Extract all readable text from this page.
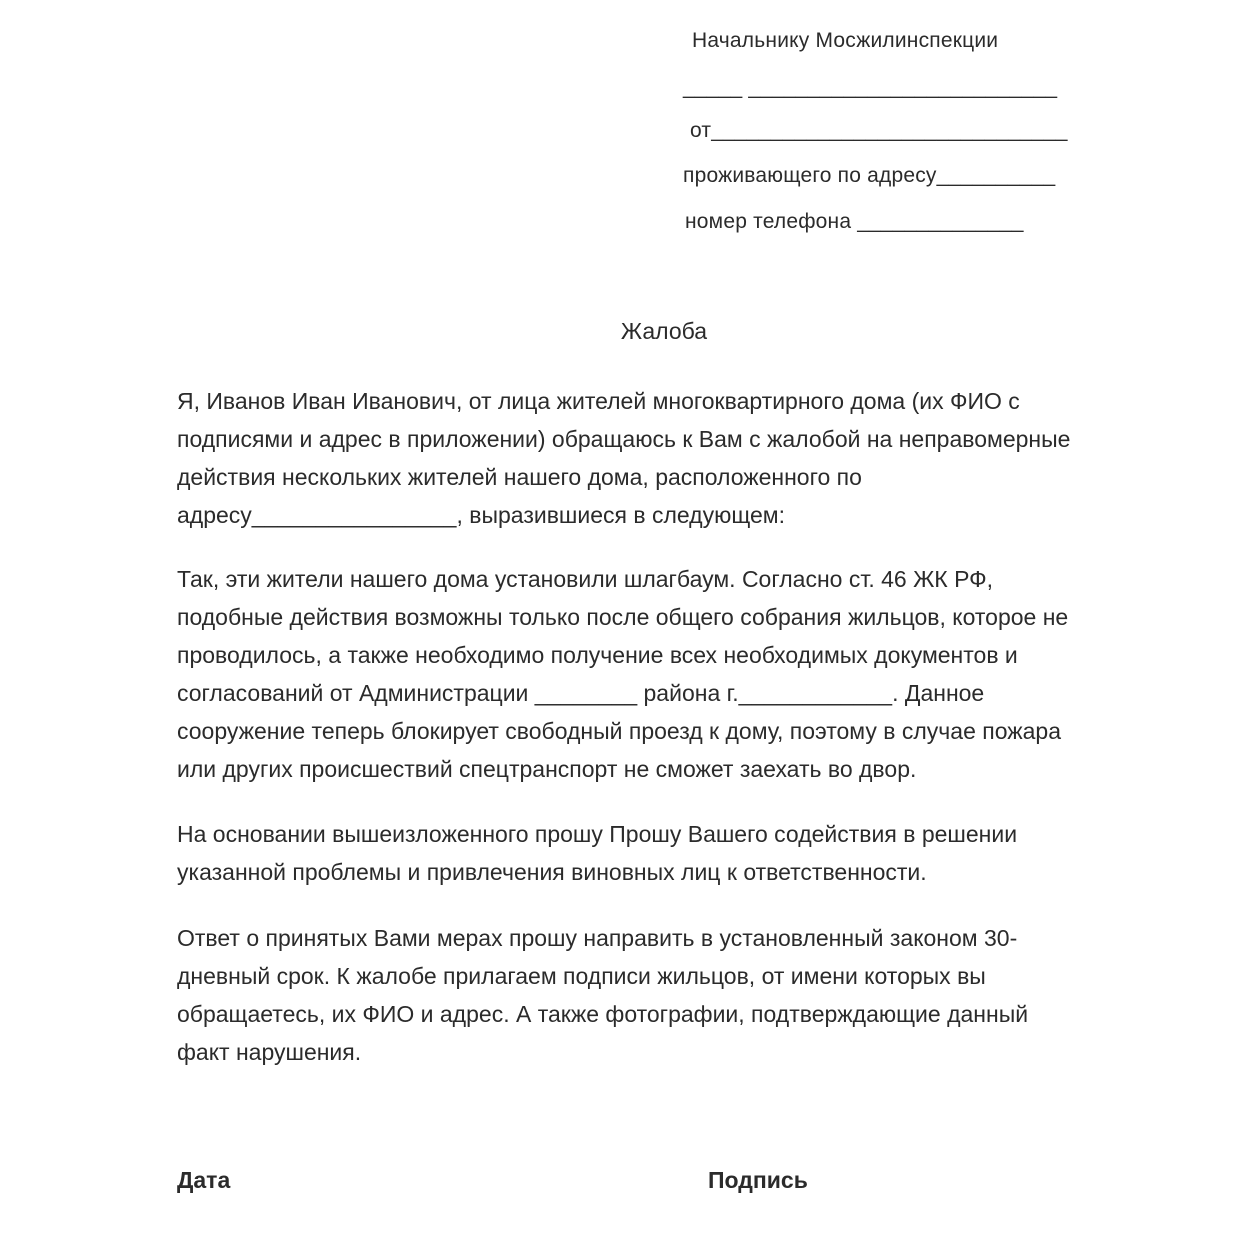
Начальнику Мосжилинспекции
_____ __________________________
от______________________________
проживающего по адресу__________
номер телефона ______________
Жалоба
Я, Иванов Иван Иванович, от лица жителей многоквартирного дома (их ФИО с
подписями и адрес в приложении) обращаюсь к Вам с жалобой на неправомерные
действия нескольких жителей нашего дома, расположенного по
адресу________________, выразившиеся в следующем:
Так, эти жители нашего дома установили шлагбаум. Согласно ст. 46 ЖК РФ,
подобные действия возможны только после общего собрания жильцов, которое не
проводилось, а также необходимо получение всех необходимых документов и
согласований от Администрации ________ района г.____________. Данное
сооружение теперь блокирует свободный проезд к дому, поэтому в случае пожара
или других происшествий спецтранспорт не сможет заехать во двор.
На основании вышеизложенного прошу Прошу Вашего содействия в решении
указанной проблемы и привлечения виновных лиц к ответственности.
Ответ о принятых Вами мерах прошу направить в установленный законом 30-
дневный срок. К жалобе прилагаем подписи жильцов, от имени которых вы
обращаетесь, их ФИО и адрес. А также фотографии, подтверждающие данный
факт нарушения.
Дата	Подпись
